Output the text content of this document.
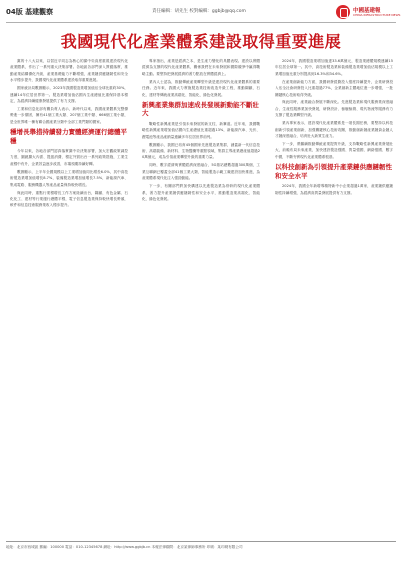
04版 基建觀察	責任編輯：胡先生 校對編輯：ggbjb@qq.com	中國基建報
CHINA INFRASTRUCTURE NEWS
我國現代化產業體系建設取得重要進展

黨的十八大以來，以習近平同志為核心的黨中央高度重視建設現代化產業體系，作出了一系列重大決策部署。各地區各部門深入貫徹落實，推動產業結構優化升級，產業基礎能力不斷增強，產業鏈供應鏈韌性和安全水平穩步提升，我國現代化產業體系建設取得重要進展。

國家統計局數據顯示，2023年我國製造業增加值佔全球比重約30%，連續14年位居世界第一。製造業增加值佔國內生產總值比重保持基本穩定，為經濟持續健康發展提供了有力支撐。

工業和信息化部有關負責人表示，新時代以來，我國產業體系完整優勢進一步鞏固，擁有41個工業大類、207個工業中類、666個工業小類，是全世界唯一擁有聯合國產業分類中全部工業門類的國家。

穩增長舉措持續發力實體經濟運行總體平穩

今年以來，各地各部門認真落實黨中央決策部署，加大宏觀政策調控力度，圍繞擴大內需、提振消費、穩定外貿出台一系列政策措施，工業生產穩中有升，企業效益逐步改善，市場預期持續好轉。

數據顯示，上半年全國規模以上工業增加值同比增長6.0%，其中高技術製造業增加值增長8.7%，裝備製造業增加值增長7.5%，新能源汽車、集成電路、服務機器人等產品產量保持較快增長。

與此同時，重點行業穩增長工作方案陸續出台，鋼鐵、有色金屬、石化化工、建材等行業運行總體平穩，電子信息製造業保持較快增長勢頭，軟件和信息技術服務業收入穩步提升。

專家指出，產業是經濟之本，是生產力變化的具體表現。建設以實體經濟為支撐的現代化產業體系，關係我們在未來發展和國際競爭中贏得戰略主動。要堅持把發展經濟的著力點放在實體經濟上。

業內人士認為，推動傳統產業轉型升級是建設現代化產業體系的重要任務。近年來，我國大力實施製造業技術改造升級工程，推動鋼鐵、石化、建材等傳統產業高端化、智能化、綠色化發展。

新興產業集群加速成長發展新動能不斷壯大

戰略性新興產業是引領未來發展的新支柱、新賽道。近年來，我國戰略性新興產業增加值佔國內生產總值比重超過13%，新能源汽車、光伏、鋰電池等產品產銷量連續多年位居世界前列。

數據顯示，我國已培育45個國家先進製造業集群，涵蓋新一代信息技術、高端裝備、新材料、生物醫藥等重點領域，集群主導產業總產值超過20萬億元，成為引領產業轉型升級的重要力量。

同時，數字經濟與實體經濟深度融合，5G基站總數超過300萬個，工業互聯網已覆蓋全部41個工業大類，智能製造示範工廠建設加快推進，為產業體系現代化注入強勁動能。

下一步，有關部門將加快構建以先進製造業為骨幹的現代化產業體系，著力提升產業鏈供應鏈韌性和安全水平，推動製造業高端化、智能化、綠色化發展。

2024年，我國製造業增加值達33.6萬億元，製造業總體規模連續15年位居全球第一。其中，高技術製造業和裝備製造業增加值佔規模以上工業增加值比重分別提高到16.3%和34.6%。

在產業創新能力方面，我國研發經費投入強度持續提升，企業研發投入佔全社會研發投入比重超過77%，企業創新主體地位進一步增強，一批關鍵核心技術取得突破。

與此同時，產業融合發展不斷深化。先進製造業和現代服務業深度融合，生產性服務業加快發展，研發設計、檢驗檢測、現代物流等服務有力支撐了製造業轉型升級。

業內專家表示，建設現代化產業體系是一項長期任務，要堅持以科技創新引領產業創新，加強關鍵核心技術攻關，推動創新鏈產業鏈資金鏈人才鏈深度融合，培育壯大新質生產力。

下一步，將繼續推動傳統產業提質升級，支持戰略性新興產業發展壯大，前瞻布局未來產業，加快建設製造強國、質量強國、網絡強國、數字中國，不斷夯實現代化產業體系根基。

以科技創新為引領提升產業鏈供應鏈韌性和安全水平

2024年，我國全年新增專精特新中小企業超過1萬家，產業鏈供應鏈韌性持續增強，為經濟高質量發展提供有力支撐。

地址：北京市西城區 郵編：100000 電話：010-12345678 網址：http://www.ggbjb.cn 本報法律顧問：北京某律師事務所 印刷：某印刷有限公司
